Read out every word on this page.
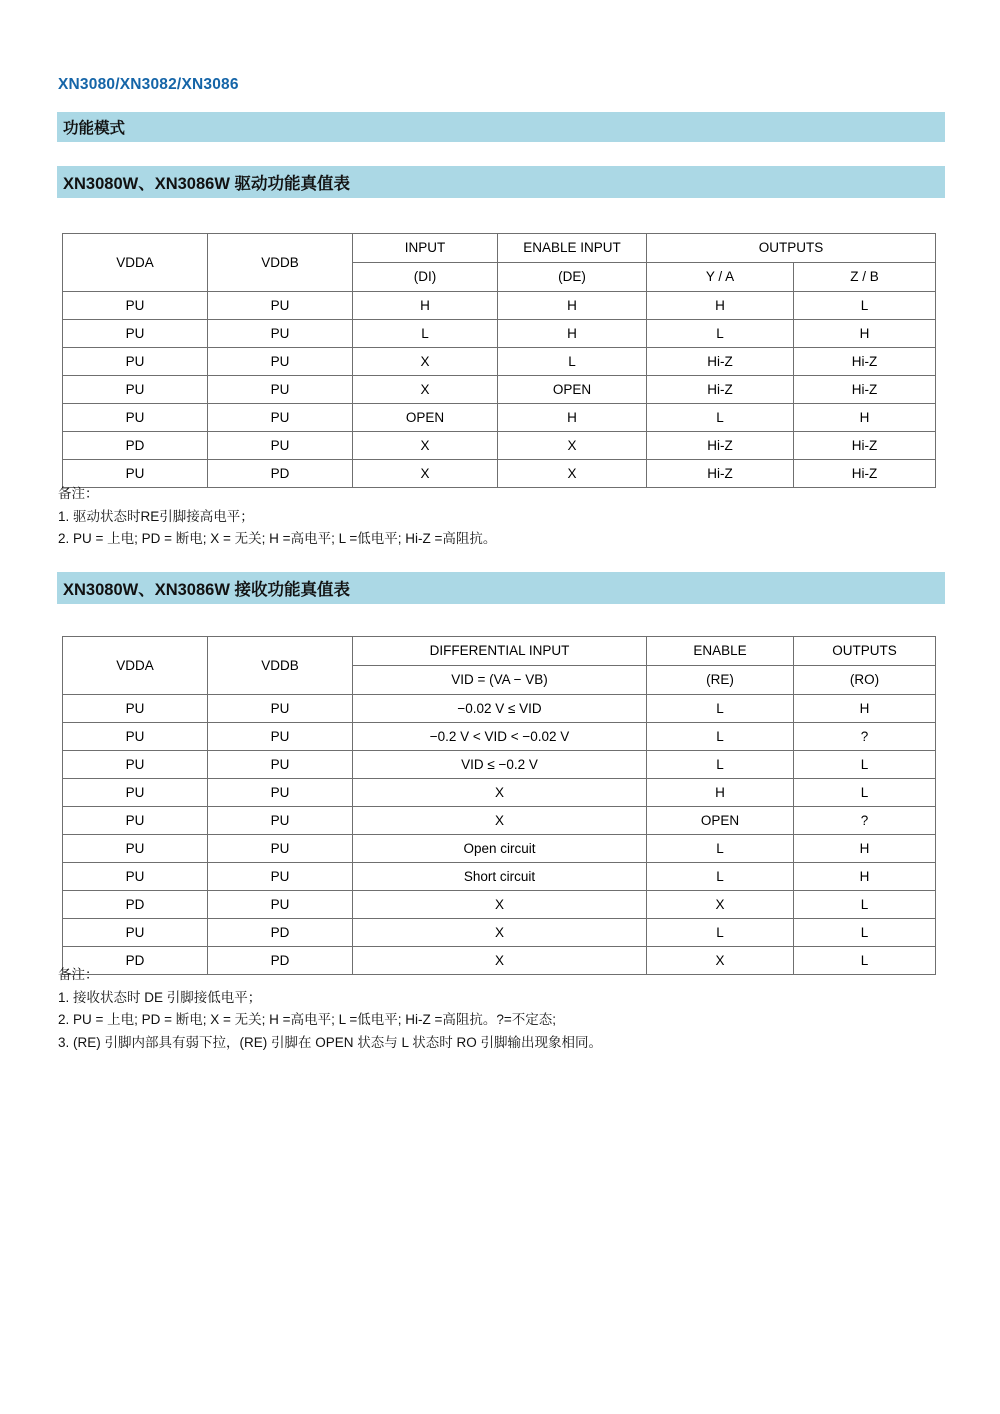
XN3080/XN3082/XN3086
功能模式
XN3080W、XN3086W 驱动功能真值表
VDDA	VDDB	INPUT	ENABLE INPUT	OUTPUTS	
		(DI)	(DE)	Y / A	Z / B
PU	PU	H	H	H	L
PU	PU	L	H	L	H
PU	PU	X	L	Hi-Z	Hi-Z
PU	PU	X	OPEN	Hi-Z	Hi-Z
PU	PU	OPEN	H	L	H
PD	PU	X	X	Hi-Z	Hi-Z
PU	PD	X	X	Hi-Z	Hi-Z
备注：
1. 驱动状态时RE引脚接高电平；
2. PU = 上电; PD = 断电; X = 无关; H =高电平; L =低电平; Hi-Z =高阻抗。
XN3080W、XN3086W 接收功能真值表
VDDA	VDDB	DIFFERENTIAL INPUT	ENABLE	OUTPUTS
		VID = (VA − VB)	(RE)	(RO)
PU	PU	−0.02 V ≤ VID	L	H
PU	PU	−0.2 V < VID < −0.02 V	L	?
PU	PU	VID ≤ −0.2 V	L	L
PU	PU	X	H	L
PU	PU	X	OPEN	?
PU	PU	Open circuit	L	H
PU	PU	Short circuit	L	H
PD	PU	X	X	L
PU	PD	X	L	L
PD	PD	X	X	L
备注：
1. 接收状态时 DE 引脚接低电平；
2. PU = 上电; PD = 断电; X = 无关; H =高电平; L =低电平; Hi-Z =高阻抗。?=不定态;
3. (RE) 引脚内部具有弱下拉，(RE) 引脚在 OPEN 状态与 L 状态时 RO 引脚输出现象相同。
